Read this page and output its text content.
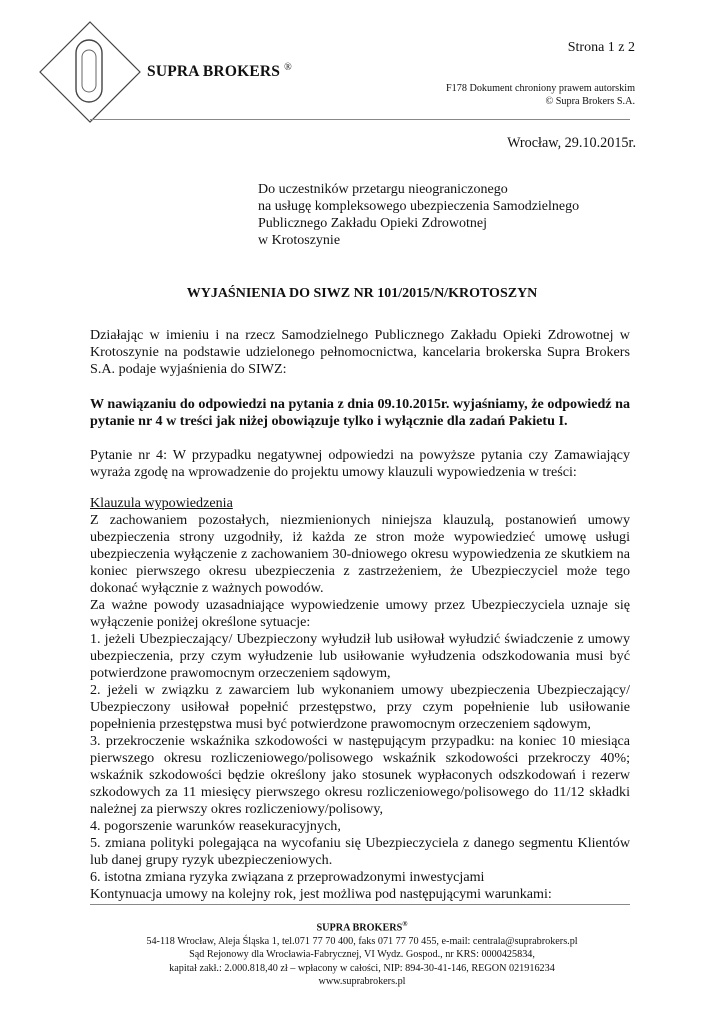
SUPRA BROKERS ®
Strona 1 z 2
F178 Dokument chroniony prawem autorskim
© Supra Brokers S.A.
Wrocław, 29.10.2015r.
Do uczestników przetargu nieograniczonego
na usługę kompleksowego ubezpieczenia Samodzielnego
Publicznego Zakładu Opieki Zdrowotnej
w Krotoszynie
WYJAŚNIENIA DO SIWZ NR 101/2015/N/KROTOSZYN

Działając w imieniu i na rzecz Samodzielnego Publicznego Zakładu Opieki Zdrowotnej w Krotoszynie na podstawie udzielonego pełnomocnictwa, kancelaria brokerska Supra Brokers S.A. podaje wyjaśnienia do SIWZ:

W nawiązaniu do odpowiedzi na pytania z dnia 09.10.2015r. wyjaśniamy, że odpowiedź na pytanie nr 4 w treści jak niżej obowiązuje tylko i wyłącznie dla zadań Pakietu I.

Pytanie nr 4: W przypadku negatywnej odpowiedzi na powyższe pytania czy Zamawiający wyraża zgodę na wprowadzenie do projektu umowy klauzuli wypowiedzenia w treści:

Klauzula wypowiedzenia

Z zachowaniem pozostałych, niezmienionych niniejsza klauzulą, postanowień umowy ubezpieczenia strony uzgodniły, iż każda ze stron może wypowiedzieć umowę usługi ubezpieczenia wyłączenie z zachowaniem 30-dniowego okresu wypowiedzenia ze skutkiem na koniec pierwszego okresu ubezpieczenia z zastrzeżeniem, że Ubezpieczyciel może tego dokonać wyłącznie z ważnych powodów.

Za ważne powody uzasadniające wypowiedzenie umowy przez Ubezpieczyciela uznaje się wyłączenie poniżej określone sytuacje:

1. jeżeli Ubezpieczający/ Ubezpieczony wyłudził lub usiłował wyłudzić świadczenie z umowy ubezpieczenia, przy czym wyłudzenie lub usiłowanie wyłudzenia odszkodowania musi być potwierdzone prawomocnym orzeczeniem sądowym,

2. jeżeli w związku z zawarciem lub wykonaniem umowy ubezpieczenia Ubezpieczający/ Ubezpieczony usiłował popełnić przestępstwo, przy czym popełnienie lub usiłowanie popełnienia przestępstwa musi być potwierdzone prawomocnym orzeczeniem sądowym,

3. przekroczenie wskaźnika szkodowości w następującym przypadku: na koniec 10 miesiąca pierwszego okresu rozliczeniowego/polisowego wskaźnik szkodowości przekroczy 40%; wskaźnik szkodowości będzie określony jako stosunek wypłaconych odszkodowań i rezerw szkodowych za 11 miesięcy pierwszego okresu rozliczeniowego/polisowego do 11/12 składki należnej za pierwszy okres rozliczeniowy/polisowy,

4. pogorszenie warunków reasekuracyjnych,

5. zmiana polityki polegająca na wycofaniu się Ubezpieczyciela z danego segmentu Klientów lub danej grupy ryzyk ubezpieczeniowych.

6. istotna zmiana ryzyka związana z przeprowadzonymi inwestycjami

Kontynuacja umowy na kolejny rok, jest możliwa pod następującymi warunkami:

SUPRA BROKERS®
54-118 Wrocław, Aleja Śląska 1, tel.071 77 70 400, faks 071 77 70 455, e-mail: centrala@suprabrokers.pl
Sąd Rejonowy dla Wrocławia-Fabrycznej, VI Wydz. Gospod., nr KRS: 0000425834,
kapitał zakł.: 2.000.818,40 zł – wpłacony w całości, NIP: 894-30-41-146, REGON 021916234
www.suprabrokers.pl
